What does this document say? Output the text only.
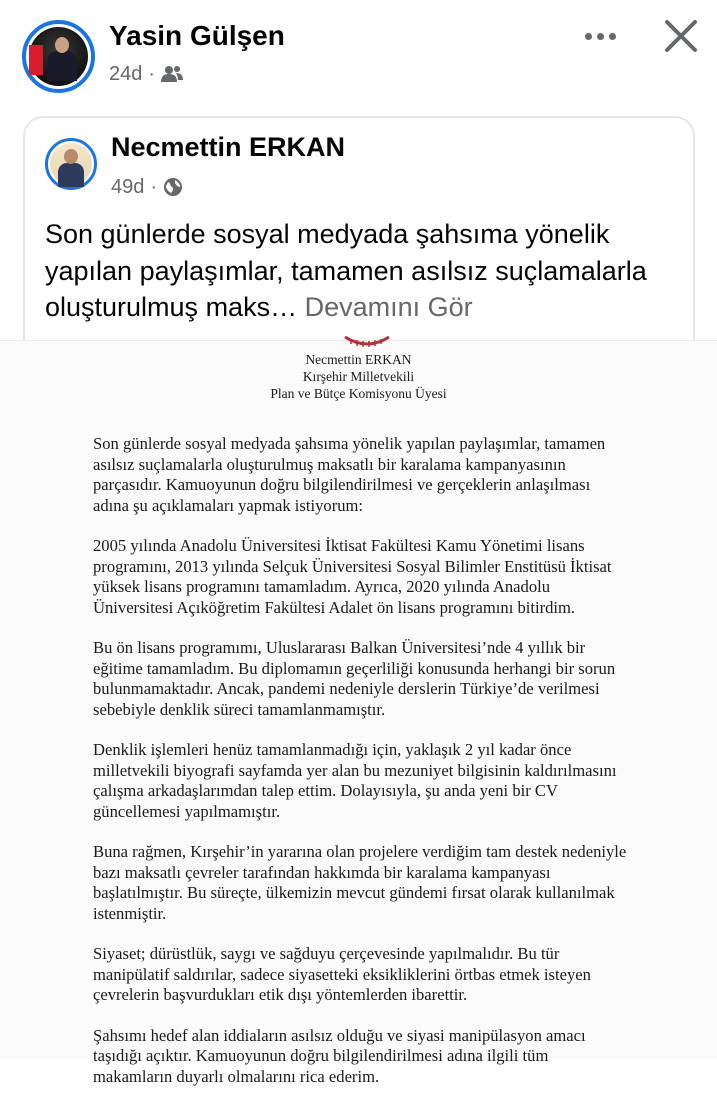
Yasin Gülşen
24d ·
Necmettin ERKAN
49d ·
Son günlerde sosyal medyada şahsıma yönelik yapılan paylaşımlar, tamamen asılsız suçlamalarla oluşturulmuş maks… Devamını Gör
Necmettin ERKAN
Kırşehir Milletvekili
Plan ve Bütçe Komisyonu Üyesi
Son günlerde sosyal medyada şahsıma yönelik yapılan paylaşımlar, tamamen
asılsız suçlamalarla oluşturulmuş maksatlı bir karalama kampanyasının
parçasıdır. Kamuoyunun doğru bilgilendirilmesi ve gerçeklerin anlaşılması
adına şu açıklamaları yapmak istiyorum:
2005 yılında Anadolu Üniversitesi İktisat Fakültesi Kamu Yönetimi lisans
programını, 2013 yılında Selçuk Üniversitesi Sosyal Bilimler Enstitüsü İktisat
yüksek lisans programını tamamladım. Ayrıca, 2020 yılında Anadolu
Üniversitesi Açıköğretim Fakültesi Adalet ön lisans programını bitirdim.
Bu ön lisans programımı, Uluslararası Balkan Üniversitesi’nde 4 yıllık bir
eğitime tamamladım. Bu diplomamın geçerliliği konusunda herhangi bir sorun
bulunmamaktadır. Ancak, pandemi nedeniyle derslerin Türkiye’de verilmesi
sebebiyle denklik süreci tamamlanmamıştır.
Denklik işlemleri henüz tamamlanmadığı için, yaklaşık 2 yıl kadar önce
milletvekili biyografi sayfamda yer alan bu mezuniyet bilgisinin kaldırılmasını
çalışma arkadaşlarımdan talep ettim. Dolayısıyla, şu anda yeni bir CV
güncellemesi yapılmamıştır.
Buna rağmen, Kırşehir’in yararına olan projelere verdiğim tam destek nedeniyle
bazı maksatlı çevreler tarafından hakkımda bir karalama kampanyası
başlatılmıştır. Bu süreçte, ülkemizin mevcut gündemi fırsat olarak kullanılmak
istenmiştir.
Siyaset; dürüstlük, saygı ve sağduyu çerçevesinde yapılmalıdır. Bu tür
manipülatif saldırılar, sadece siyasetteki eksikliklerini örtbas etmek isteyen
çevrelerin başvurdukları etik dışı yöntemlerden ibarettir.
Şahsımı hedef alan iddiaların asılsız olduğu ve siyasi manipülasyon amacı
taşıdığı açıktır. Kamuoyunun doğru bilgilendirilmesi adına ilgili tüm
makamların duyarlı olmalarını rica ederim.
